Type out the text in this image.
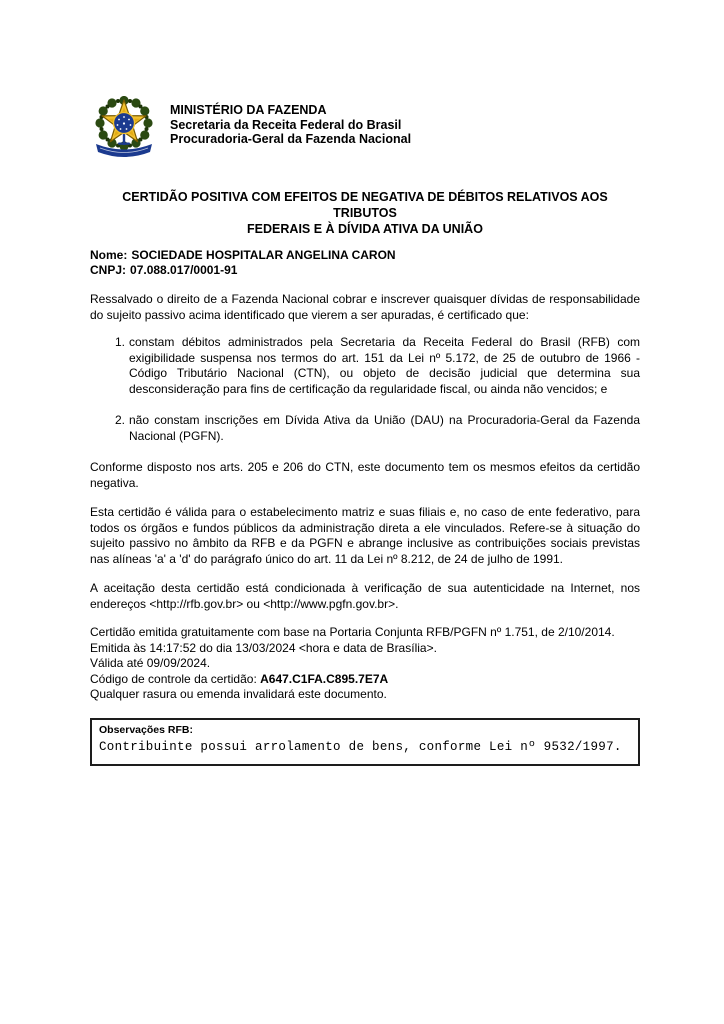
MINISTÉRIO DA FAZENDA
Secretaria da Receita Federal do Brasil
Procuradoria-Geral da Fazenda Nacional
CERTIDÃO POSITIVA COM EFEITOS DE NEGATIVA DE DÉBITOS RELATIVOS AOS TRIBUTOS
FEDERAIS E À DÍVIDA ATIVA DA UNIÃO
Nome: SOCIEDADE HOSPITALAR ANGELINA CARON
CNPJ: 07.088.017/0001-91
Ressalvado o direito de a Fazenda Nacional cobrar e inscrever quaisquer dívidas de responsabilidade do sujeito passivo acima identificado que vierem a ser apuradas, é certificado que:
1. constam débitos administrados pela Secretaria da Receita Federal do Brasil (RFB) com exigibilidade suspensa nos termos do art. 151 da Lei nº 5.172, de 25 de outubro de 1966 - Código Tributário Nacional (CTN), ou objeto de decisão judicial que determina sua desconsideração para fins de certificação da regularidade fiscal, ou ainda não vencidos; e
2. não constam inscrições em Dívida Ativa da União (DAU) na Procuradoria-Geral da Fazenda Nacional (PGFN).
Conforme disposto nos arts. 205 e 206 do CTN, este documento tem os mesmos efeitos da certidão negativa.
Esta certidão é válida para o estabelecimento matriz e suas filiais e, no caso de ente federativo, para todos os órgãos e fundos públicos da administração direta a ele vinculados. Refere-se à situação do sujeito passivo no âmbito da RFB e da PGFN e abrange inclusive as contribuições sociais previstas nas alíneas 'a' a 'd' do parágrafo único do art. 11 da Lei nº 8.212, de 24 de julho de 1991.
A aceitação desta certidão está condicionada à verificação de sua autenticidade na Internet, nos endereços <http://rfb.gov.br> ou <http://www.pgfn.gov.br>.
Certidão emitida gratuitamente com base na Portaria Conjunta RFB/PGFN nº 1.751, de 2/10/2014.
Emitida às 14:17:52 do dia 13/03/2024 <hora e data de Brasília>.
Válida até 09/09/2024.
Código de controle da certidão: A647.C1FA.C895.7E7A
Qualquer rasura ou emenda invalidará este documento.
Observações RFB:
Contribuinte possui arrolamento de bens, conforme Lei nº 9532/1997.
